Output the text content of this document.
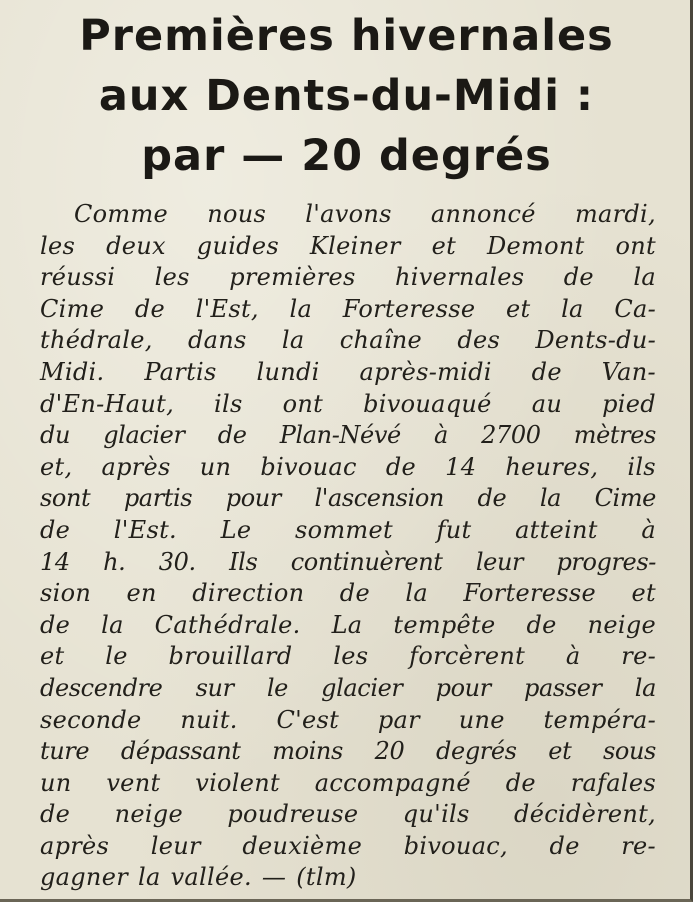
Premières hivernales
aux Dents-du-Midi :
par — 20 degrés
Comme nous l'avons annoncé mardi,
les deux guides Kleiner et Demont ont
réussi les premières hivernales de la
Cime de l'Est, la Forteresse et la Ca-
thédrale, dans la chaîne des Dents-du-
Midi. Partis lundi après-midi de Van-
d'En-Haut, ils ont bivouaqué au pied
du glacier de Plan-Névé à 2700 mètres
et, après un bivouac de 14 heures, ils
sont partis pour l'ascension de la Cime
de l'Est. Le sommet fut atteint à
14 h. 30. Ils continuèrent leur progres-
sion en direction de la Forteresse et
de la Cathédrale. La tempête de neige
et le brouillard les forcèrent à re-
descendre sur le glacier pour passer la
seconde nuit. C'est par une tempéra-
ture dépassant moins 20 degrés et sous
un vent violent accompagné de rafales
de neige poudreuse qu'ils décidèrent,
après leur deuxième bivouac, de re-
gagner la vallée. — (tlm)
